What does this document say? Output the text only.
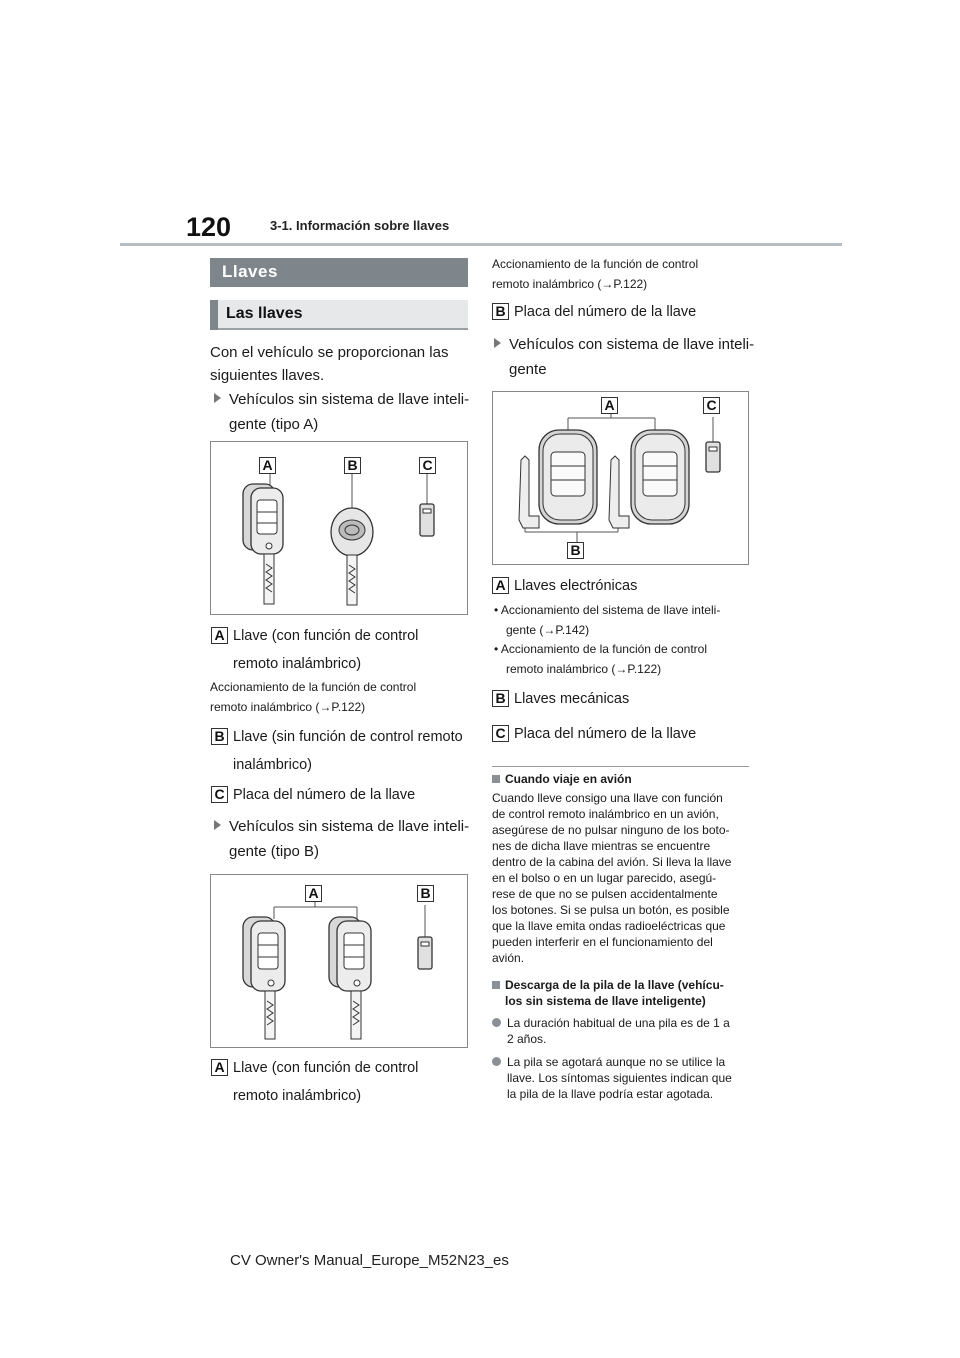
120	3-1. Información sobre llaves
Llaves
Las llaves
Con el vehículo se proporcionan las
siguientes llaves.
Vehículos sin sistema de llave inteli-
gente (tipo A)
A	B	C
A Llave (con función de control
remoto inalámbrico)
Accionamiento de la función de control
remoto inalámbrico (→P.122)
B Llave (sin función de control remoto
inalámbrico)
C Placa del número de la llave
Vehículos sin sistema de llave inteli-
gente (tipo B)
A	B
A Llave (con función de control
remoto inalámbrico)
Accionamiento de la función de control
remoto inalámbrico (→P.122)
B Placa del número de la llave
Vehículos con sistema de llave inteli-
gente
A	C
B
A Llaves electrónicas
• Accionamiento del sistema de llave inteli-
gente (→P.142)
• Accionamiento de la función de control
remoto inalámbrico (→P.122)
B Llaves mecánicas
C Placa del número de la llave
Cuando viaje en avión
Cuando lleve consigo una llave con función
de control remoto inalámbrico en un avión,
asegúrese de no pulsar ninguno de los boto-
nes de dicha llave mientras se encuentre
dentro de la cabina del avión. Si lleva la llave
en el bolso o en un lugar parecido, asegú-
rese de que no se pulsen accidentalmente
los botones. Si se pulsa un botón, es posible
que la llave emita ondas radioeléctricas que
pueden interferir en el funcionamiento del
avión.
Descarga de la pila de la llave (vehícu-
los sin sistema de llave inteligente)
La duración habitual de una pila es de 1 a
2 años.
La pila se agotará aunque no se utilice la
llave. Los síntomas siguientes indican que
la pila de la llave podría estar agotada.
CV Owner's Manual_Europe_M52N23_es
